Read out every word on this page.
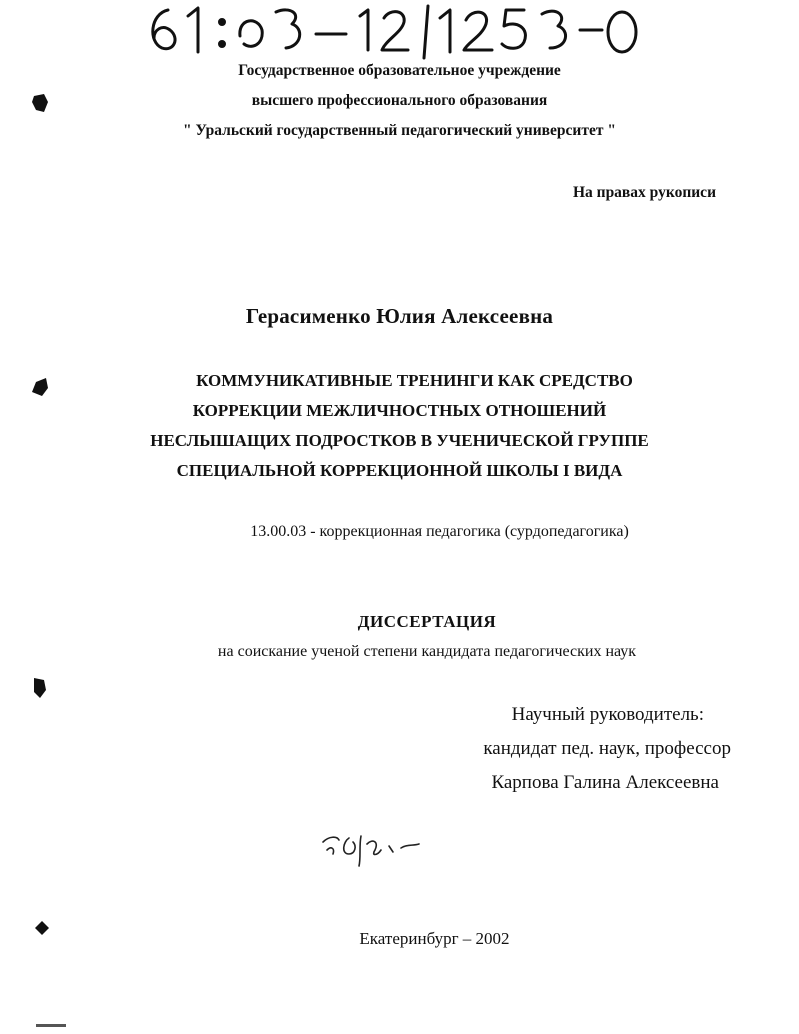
Государственное образовательное учреждение
высшего профессионального образования
" Уральский государственный педагогический университет "
На правах рукописи
Герасименко Юлия Алексеевна
КОММУНИКАТИВНЫЕ ТРЕНИНГИ КАК СРЕДСТВО
КОРРЕКЦИИ МЕЖЛИЧНОСТНЫХ ОТНОШЕНИЙ
НЕСЛЫШАЩИХ ПОДРОСТКОВ В УЧЕНИЧЕСКОЙ ГРУППЕ
СПЕЦИАЛЬНОЙ КОРРЕКЦИОННОЙ ШКОЛЫ I ВИДА
13.00.03 - коррекционная педагогика (сурдопедагогика)
ДИССЕРТАЦИЯ
на соискание ученой степени кандидата педагогических наук
Научный руководитель:
кандидат пед. наук, профессор
Карпова Галина Алексеевна
Екатеринбург – 2002
